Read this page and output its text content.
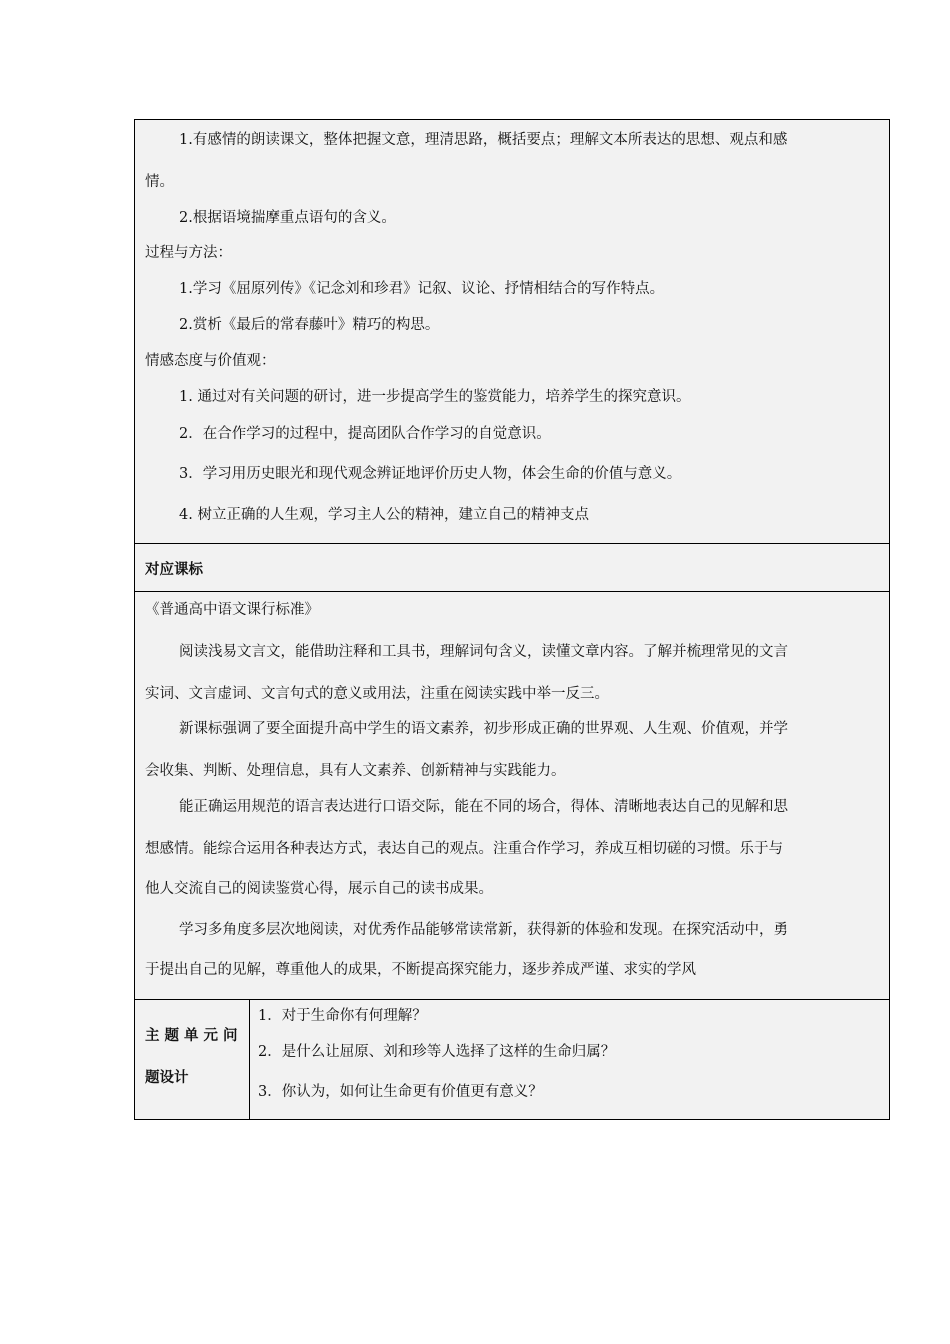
1.有感情的朗读课文，整体把握文意，理清思路，概括要点；理解文本所表达的思想、观点和感
情。
2.根据语境揣摩重点语句的含义。
过程与方法：
1.学习《屈原列传》《记念刘和珍君》记叙、议论、抒情相结合的写作特点。
2.赏析《最后的常春藤叶》精巧的构思。
情感态度与价值观：
1. 通过对有关问题的研讨，进一步提高学生的鉴赏能力，培养学生的探究意识。
2．在合作学习的过程中，提高团队合作学习的自觉意识。
3．学习用历史眼光和现代观念辨证地评价历史人物，体会生命的价值与意义。
4. 树立正确的人生观，学习主人公的精神，建立自己的精神支点
对应课标
《普通高中语文课行标准》
阅读浅易文言文，能借助注释和工具书，理解词句含义，读懂文章内容。了解并梳理常见的文言
实词、文言虚词、文言句式的意义或用法，注重在阅读实践中举一反三。
新课标强调了要全面提升高中学生的语文素养，初步形成正确的世界观、人生观、价值观，并学
会收集、判断、处理信息，具有人文素养、创新精神与实践能力。
能正确运用规范的语言表达进行口语交际，能在不同的场合，得体、清晰地表达自己的见解和思
想感情。能综合运用各种表达方式，表达自己的观点。注重合作学习，养成互相切磋的习惯。乐于与
他人交流自己的阅读鉴赏心得，展示自己的读书成果。
学习多角度多层次地阅读，对优秀作品能够常读常新，获得新的体验和发现。在探究活动中，勇
于提出自己的见解，尊重他人的成果，不断提高探究能力，逐步养成严谨、求实的学风
主题单元问
题设计
1．对于生命你有何理解？
2．是什么让屈原、刘和珍等人选择了这样的生命归属？
3．你认为，如何让生命更有价值更有意义？
